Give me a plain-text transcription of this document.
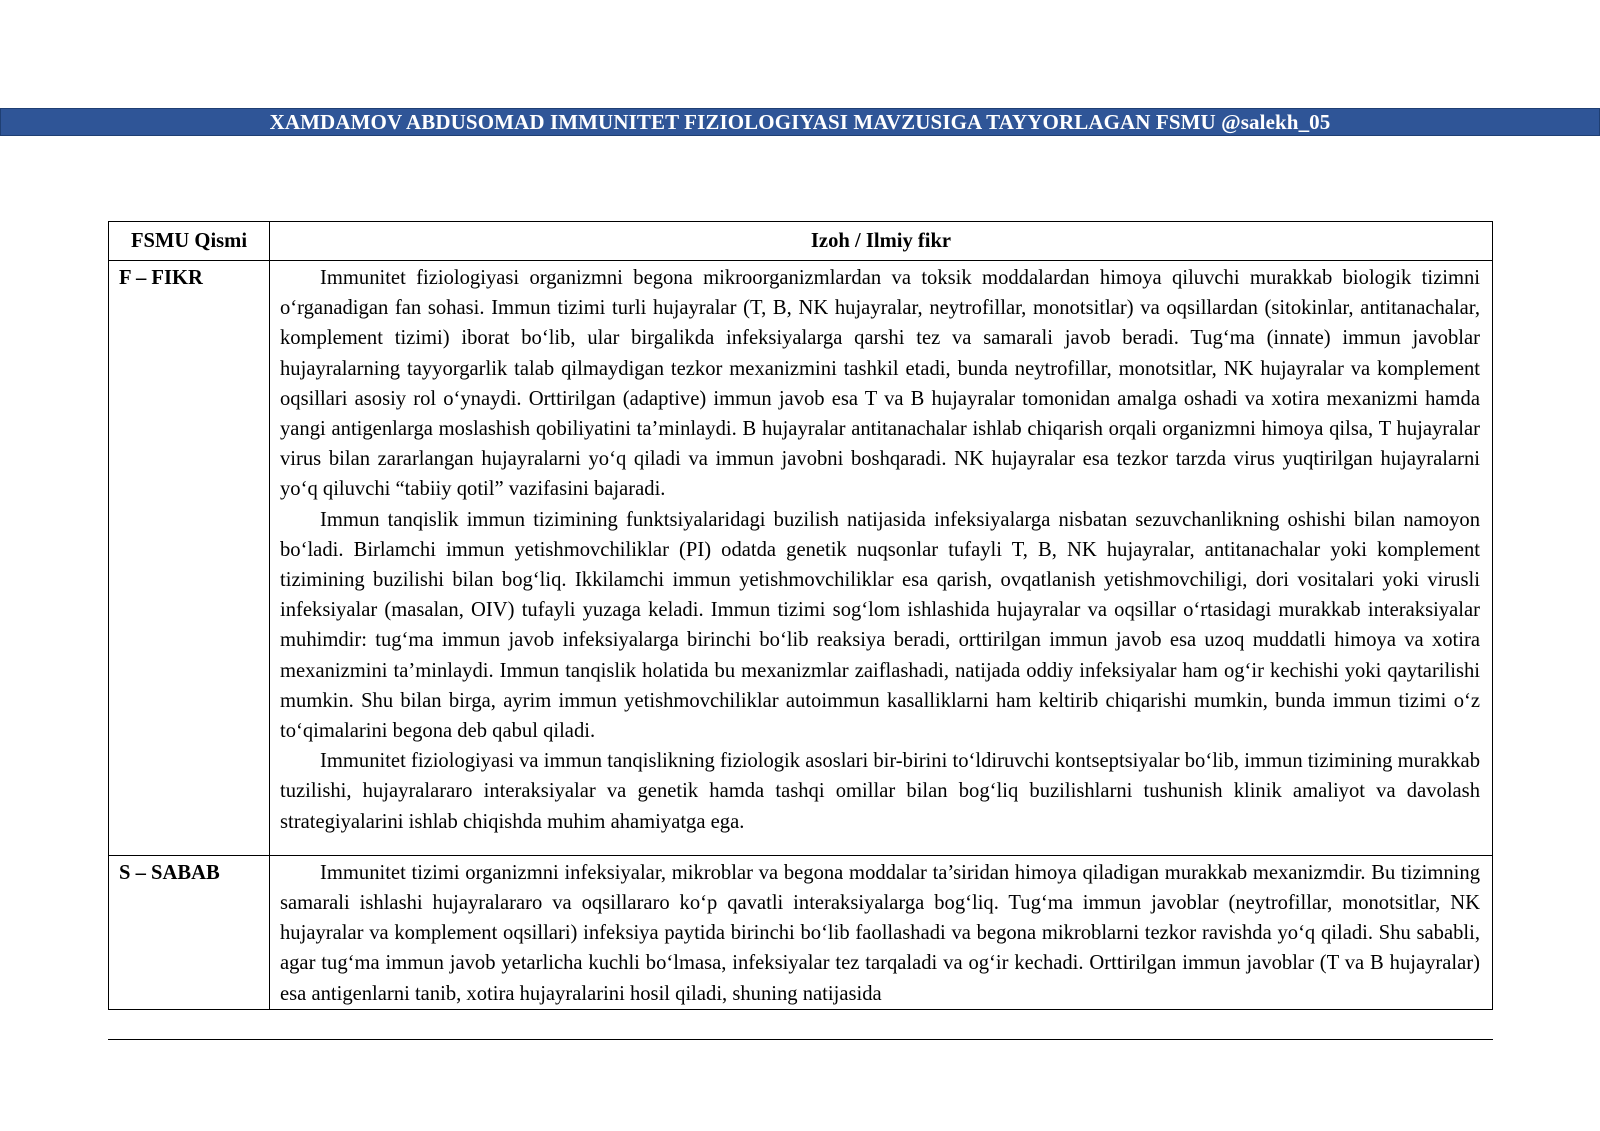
XAMDAMOV ABDUSOMAD IMMUNITET FIZIOLOGIYASI MAVZUSIGA TAYYORLAGAN FSMU @salekh_05
FSMU Qismi	Izoh / Ilmiy fikr
F – FIKR	Immunitet fiziologiyasi organizmni begona mikroorganizmlardan va toksik moddalardan himoya qiluvchi murakkab biologik tizimni o‘rganadigan fan sohasi. Immun tizimi turli hujayralar (T, B, NK hujayralar, neytrofillar, monotsitlar) va oqsillardan (sitokinlar, antitanachalar, komplement tizimi) iborat bo‘lib, ular birgalikda infeksiyalarga qarshi tez va samarali javob beradi. Tug‘ma (innate) immun javoblar hujayralarning tayyorgarlik talab qilmaydigan tezkor mexanizmini tashkil etadi, bunda neytrofillar, monotsitlar, NK hujayralar va komplement oqsillari asosiy rol o‘ynaydi. Orttirilgan (adaptive) immun javob esa T va B hujayralar tomonidan amalga oshadi va xotira mexanizmi hamda yangi antigenlarga moslashish qobiliyatini ta’minlaydi. B hujayralar antitanachalar ishlab chiqarish orqali organizmni himoya qilsa, T hujayralar virus bilan zararlangan hujayralarni yo‘q qiladi va immun javobni boshqaradi. NK hujayralar esa tezkor tarzda virus yuqtirilgan hujayralarni yo‘q qiluvchi “tabiiy qotil” vazifasini bajaradi.

Immun tanqislik immun tizimining funktsiyalaridagi buzilish natijasida infeksiyalarga nisbatan sezuvchanlikning oshishi bilan namoyon bo‘ladi. Birlamchi immun yetishmovchiliklar (PI) odatda genetik nuqsonlar tufayli T, B, NK hujayralar, antitanachalar yoki komplement tizimining buzilishi bilan bog‘liq. Ikkilamchi immun yetishmovchiliklar esa qarish, ovqatlanish yetishmovchiligi, dori vositalari yoki virusli infeksiyalar (masalan, OIV) tufayli yuzaga keladi. Immun tizimi sog‘lom ishlashida hujayralar va oqsillar o‘rtasidagi murakkab interaksiyalar muhimdir: tug‘ma immun javob infeksiyalarga birinchi bo‘lib reaksiya beradi, orttirilgan immun javob esa uzoq muddatli himoya va xotira mexanizmini ta’minlaydi. Immun tanqislik holatida bu mexanizmlar zaiflashadi, natijada oddiy infeksiyalar ham og‘ir kechishi yoki qaytarilishi mumkin. Shu bilan birga, ayrim immun yetishmovchiliklar autoimmun kasalliklarni ham keltirib chiqarishi mumkin, bunda immun tizimi o‘z to‘qimalarini begona deb qabul qiladi.

Immunitet fiziologiyasi va immun tanqislikning fiziologik asoslari bir-birini to‘ldiruvchi kontseptsiyalar bo‘lib, immun tizimining murakkab tuzilishi, hujayralararo interaksiyalar va genetik hamda tashqi omillar bilan bog‘liq buzilishlarni tushunish klinik amaliyot va davolash strategiyalarini ishlab chiqishda muhim ahamiyatga ega.

S – SABAB	Immunitet tizimi organizmni infeksiyalar, mikroblar va begona moddalar ta’siridan himoya qiladigan murakkab mexanizmdir. Bu tizimning samarali ishlashi hujayralararo va oqsillararo ko‘p qavatli interaksiyalarga bog‘liq. Tug‘ma immun javoblar (neytrofillar, monotsitlar, NK hujayralar va komplement oqsillari) infeksiya paytida birinchi bo‘lib faollashadi va begona mikroblarni tezkor ravishda yo‘q qiladi. Shu sababli, agar tug‘ma immun javob yetarlicha kuchli bo‘lmasa, infeksiyalar tez tarqaladi va og‘ir kechadi. Orttirilgan immun javoblar (T va B hujayralar) esa antigenlarni tanib, xotira hujayralarini hosil qiladi, shuning natijasida
